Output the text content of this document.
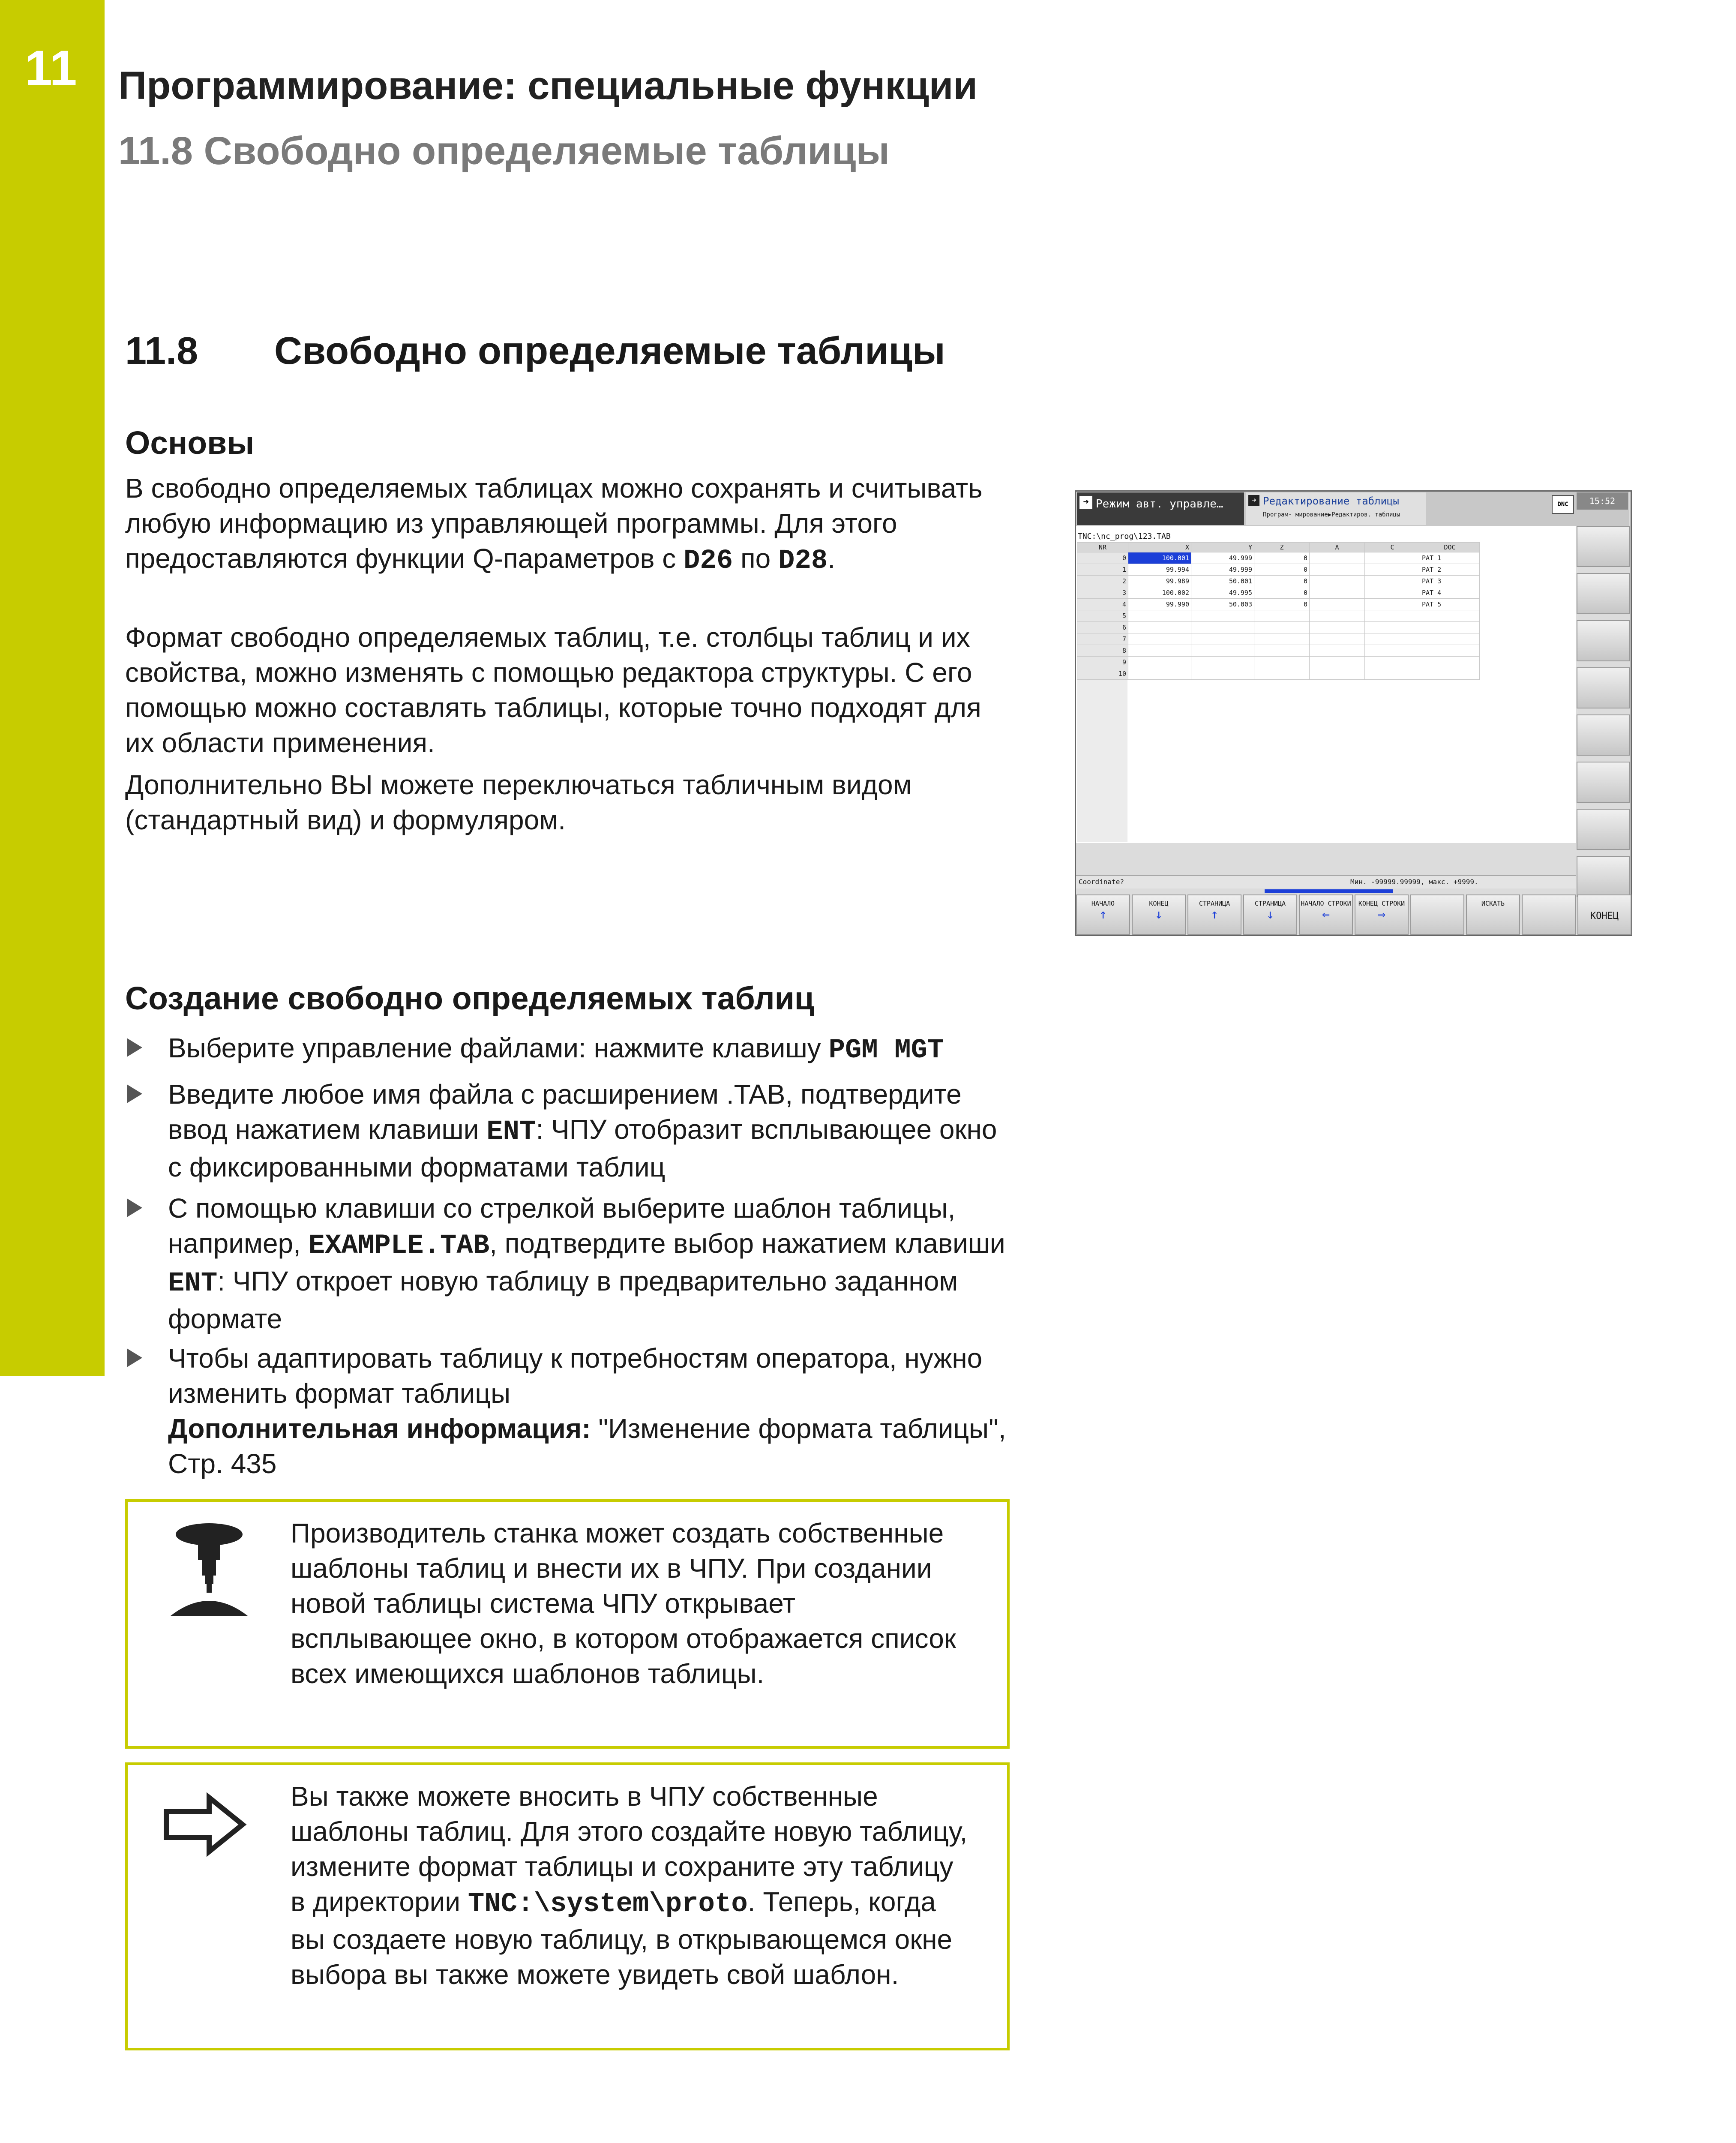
11 Программирование: специальные функции
11.8 Свободно определяемые таблицы
11.8 Свободно определяемые таблицы
Основы
В свободно определяемых таблицах можно сохранять и считывать любую информацию из управляющей программы. Для этого предоставляются функции Q-параметров с D26 по D28.
Формат свободно определяемых таблиц, т.е. столбцы таблиц и их свойства, можно изменять с помощью редактора структуры. С его помощью можно составлять таблицы, которые точно подходят для их области применения.
Дополнительно ВЫ можете переключаться табличным видом (стандартный вид) и формуляром.
➜ Режим авт. управле…	➜ Редактирование таблицы
Програм- мирование▶Редактиров. таблицы
DNC	15:52
TNC:\nc_prog\123.TAB
NR	X	Y	Z	A	C	DOC
0	100.001	49.999	0			PAT 1
1	99.994	49.999	0			PAT 2
2	99.989	50.001	0			PAT 3
3	100.002	49.995	0			PAT 4
4	99.990	50.003	0			PAT 5
5						
6						
7						
8						
9						
10						
Coordinate?	Мин. -99999.99999, макс. +9999.
НАЧАЛО
↑
КОНЕЦ
↓
СТРАНИЦА
↑
СТРАНИЦА
↓
НАЧАЛО СТРОКИ
⇐
КОНЕЦ СТРОКИ
⇒
ИСКАТЬ
КОНЕЦ
Создание свободно определяемых таблиц
Выберите управление файлами: нажмите клавишу PGM MGT
Введите любое имя файла с расширением .TAB, подтвердите ввод нажатием клавиши ENT: ЧПУ отобразит всплывающее окно с фиксированными форматами таблиц
С помощью клавиши со стрелкой выберите шаблон таблицы, например, EXAMPLE.TAB, подтвердите выбор нажатием клавиши ENT: ЧПУ откроет новую таблицу в предварительно заданном формате
Чтобы адаптировать таблицу к потребностям оператора, нужно изменить формат таблицы
Дополнительная информация: "Изменение формата таблицы", Стр. 435
Производитель станка может создать собственные шаблоны таблиц и внести их в ЧПУ. При создании новой таблицы система ЧПУ открывает всплывающее окно, в котором отображается список всех имеющихся шаблонов таблицы.
Вы также можете вносить в ЧПУ собственные шаблоны таблиц. Для этого создайте новую таблицу, измените формат таблицы и сохраните эту таблицу в директории TNC:\system\proto. Теперь, когда вы создаете новую таблицу, в открывающемся окне выбора вы также можете увидеть свой шаблон.
